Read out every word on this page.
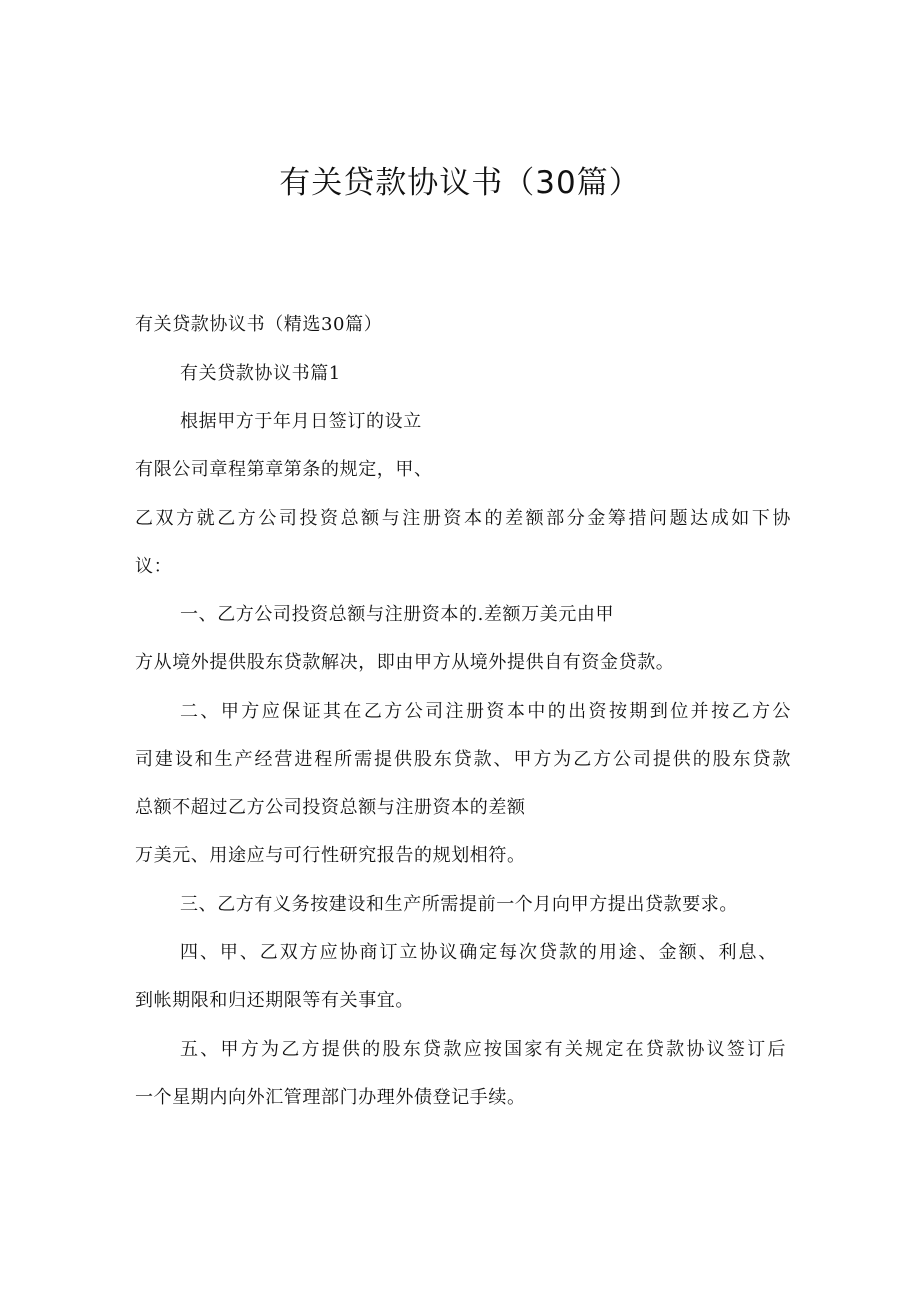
有关贷款协议书（30篇）
有关贷款协议书（精选30篇）
有关贷款协议书篇1
根据甲方于年月日签订的设立
有限公司章程第章第条的规定，甲、
乙双方就乙方公司投资总额与注册资本的差额部分金筹措问题达成如下协
议：
一、乙方公司投资总额与注册资本的.差额万美元由甲
方从境外提供股东贷款解决，即由甲方从境外提供自有资金贷款。
二、甲方应保证其在乙方公司注册资本中的出资按期到位并按乙方公
司建设和生产经营进程所需提供股东贷款、甲方为乙方公司提供的股东贷款
总额不超过乙方公司投资总额与注册资本的差额
万美元、用途应与可行性研究报告的规划相符。
三、乙方有义务按建设和生产所需提前一个月向甲方提出贷款要求。
四、甲、乙双方应协商订立协议确定每次贷款的用途、金额、利息、
到帐期限和归还期限等有关事宜。
五、甲方为乙方提供的股东贷款应按国家有关规定在贷款协议签订后
一个星期内向外汇管理部门办理外债登记手续。
